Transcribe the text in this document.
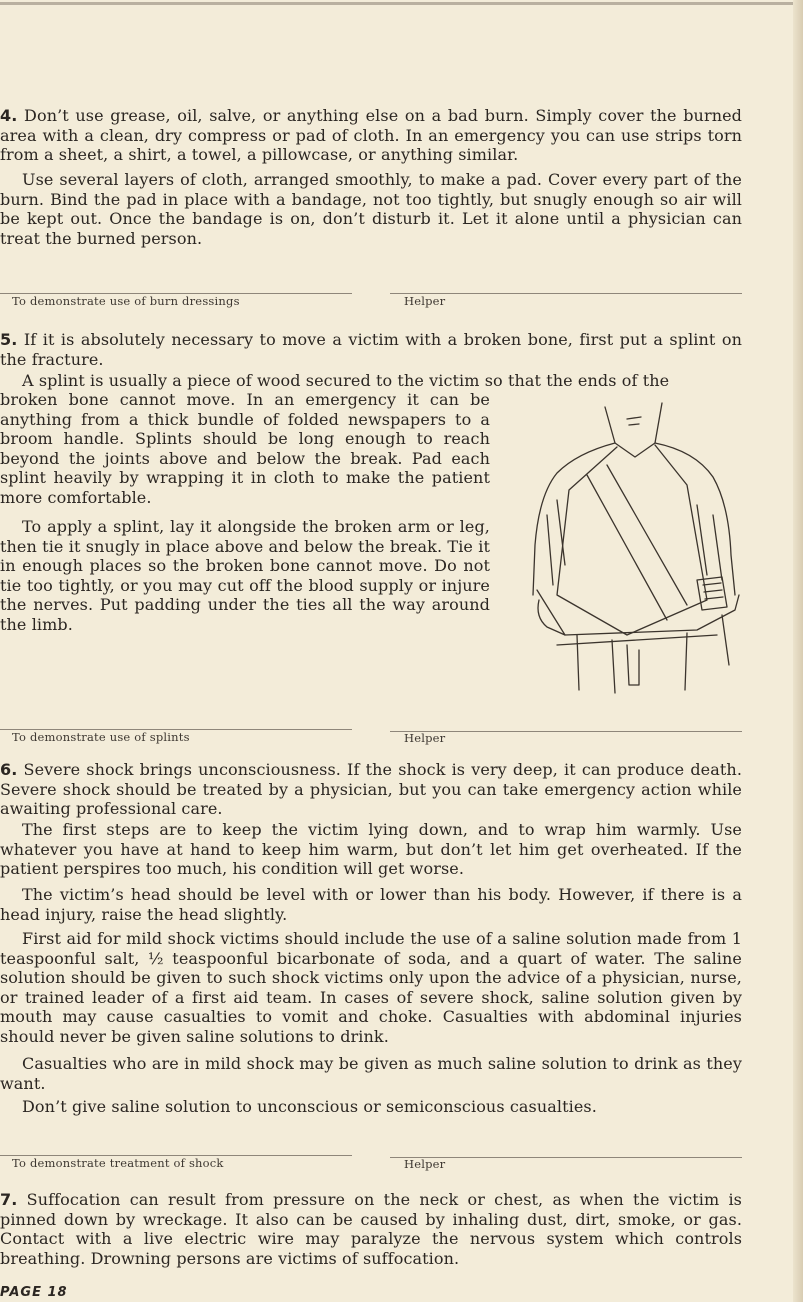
4. Don’t use grease, oil, salve, or anything else on a bad burn. Simply cover the burned area with a clean, dry compress or pad of cloth. In an emergency you can use strips torn from a sheet, a shirt, a towel, a pillowcase, or anything similar.

Use several layers of cloth, arranged smoothly, to make a pad. Cover every part of the burn. Bind the pad in place with a bandage, not too tightly, but snugly enough so air will be kept out. Once the bandage is on, don’t disturb it. Let it alone until a physician can treat the burned person.

To demonstrate use of burn dressings	Helper

5. If it is absolutely necessary to move a victim with a broken bone, first put a splint on the fracture.

A splint is usually a piece of wood secured to the victim so that the ends of the

broken bone cannot move. In an emergency it can be anything from a thick bundle of folded newspapers to a broom handle. Splints should be long enough to reach beyond the joints above and below the break. Pad each splint heavily by wrapping it in cloth to make the patient more comfortable.

To apply a splint, lay it alongside the broken arm or leg, then tie it snugly in place above and below the break. Tie it in enough places so the broken bone cannot move. Do not tie too tightly, or you may cut off the blood supply or injure the nerves. Put padding under the ties all the way around the limb.

To demonstrate use of splints	Helper

6. Severe shock brings unconsciousness. If the shock is very deep, it can produce death. Severe shock should be treated by a physician, but you can take emergency action while awaiting professional care.

The first steps are to keep the victim lying down, and to wrap him warmly. Use whatever you have at hand to keep him warm, but don’t let him get overheated. If the patient perspires too much, his condition will get worse.

The victim’s head should be level with or lower than his body. However, if there is a head injury, raise the head slightly.

First aid for mild shock victims should include the use of a saline solution made from 1 teaspoonful salt, ½ teaspoonful bicarbonate of soda, and a quart of water. The saline solution should be given to such shock victims only upon the advice of a physician, nurse, or trained leader of a first aid team. In cases of severe shock, saline solution given by mouth may cause casualties to vomit and choke. Casualties with abdominal injuries should never be given saline solutions to drink.

Casualties who are in mild shock may be given as much saline solution to drink as they want.

Don’t give saline solution to unconscious or semiconscious casualties.

To demonstrate treatment of shock	Helper

7. Suffocation can result from pressure on the neck or chest, as when the victim is pinned down by wreckage. It also can be caused by inhaling dust, dirt, smoke, or gas. Contact with a live electric wire may paralyze the nervous system which controls breathing. Drowning persons are victims of suffocation.

PAGE 18
